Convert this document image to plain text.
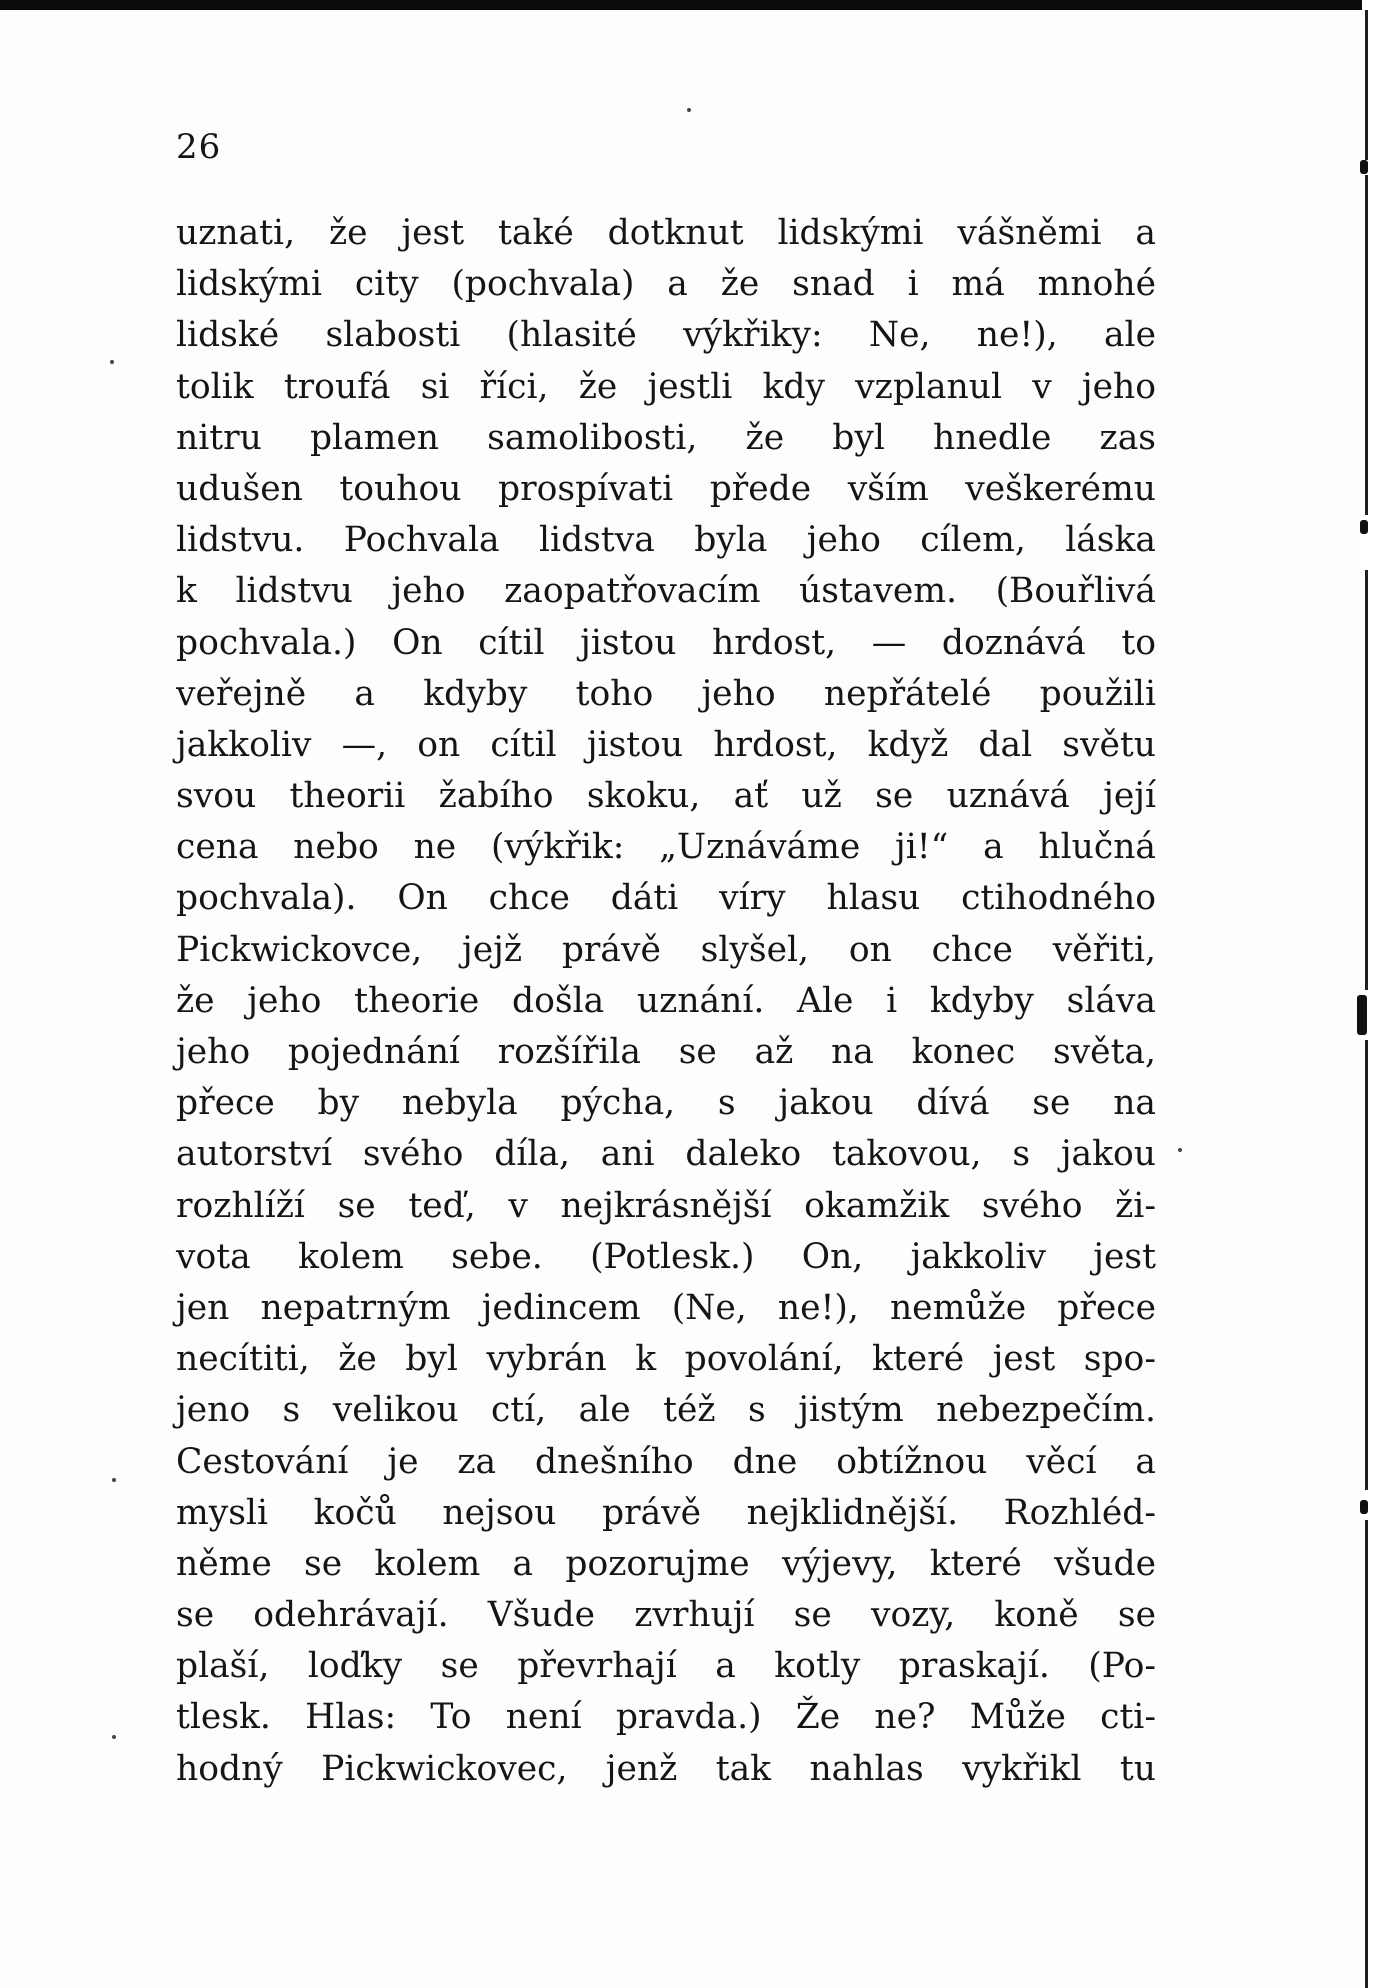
26
uznati, že jest také dotknut lidskými vášněmi a
lidskými city (pochvala) a že snad i má mnohé
lidské slabosti (hlasité výkřiky: Ne, ne!), ale
tolik troufá si říci, že jestli kdy vzplanul v jeho
nitru plamen samolibosti, že byl hnedle zas
udušen touhou prospívati přede vším veškerému
lidstvu. Pochvala lidstva byla jeho cílem, láska
k lidstvu jeho zaopatřovacím ústavem. (Bouřlivá
pochvala.) On cítil jistou hrdost, — doznává to
veřejně a kdyby toho jeho nepřátelé použili
jakkoliv —, on cítil jistou hrdost, když dal světu
svou theorii žabího skoku, ať už se uznává její
cena nebo ne (výkřik: „Uznáváme ji!“ a hlučná
pochvala). On chce dáti víry hlasu ctihodného
Pickwickovce, jejž právě slyšel, on chce věřiti,
že jeho theorie došla uznání. Ale i kdyby sláva
jeho pojednání rozšířila se až na konec světa,
přece by nebyla pýcha, s jakou dívá se na
autorství svého díla, ani daleko takovou, s jakou
rozhlíží se teď, v nejkrásnější okamžik svého ži-
vota kolem sebe. (Potlesk.) On, jakkoliv jest
jen nepatrným jedincem (Ne, ne!), nemůže přece
necítiti, že byl vybrán k povolání, které jest spo-
jeno s velikou ctí, ale též s jistým nebezpečím.
Cestování je za dnešního dne obtížnou věcí a
mysli kočů nejsou právě nejklidnější. Rozhléd-
něme se kolem a pozorujme výjevy, které všude
se odehrávají. Všude zvrhují se vozy, koně se
plaší, loďky se převrhají a kotly praskají. (Po-
tlesk. Hlas: To není pravda.) Že ne? Může cti-
hodný Pickwickovec, jenž tak nahlas vykřikl tu
